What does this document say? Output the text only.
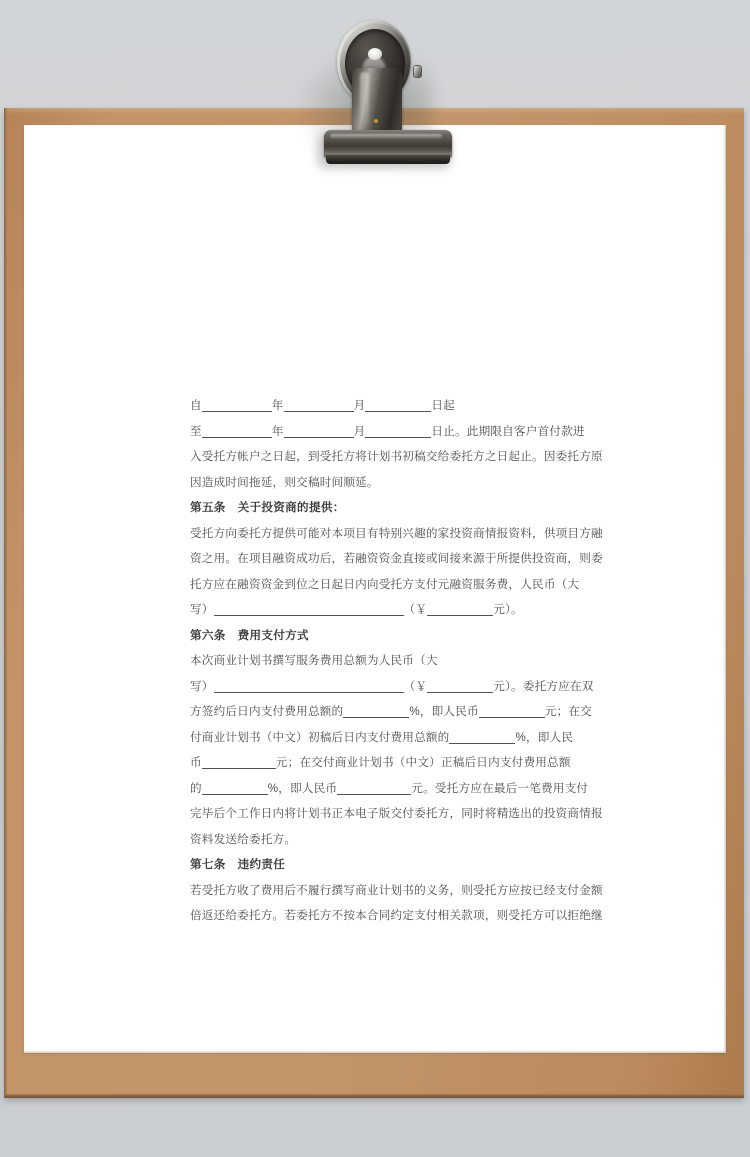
自	年	月	日起

至	年	月	日止。此期限自客户首付款进

入受托方帐户之日起，到受托方将计划书初稿交给委托方之日起止。因委托方原

因造成时间拖延，则交稿时间顺延。

第五条　关于投资商的提供：

受托方向委托方提供可能对本项目有特别兴趣的家投资商情报资料，供项目方融

资之用。在项目融资成功后，若融资资金直接或间接来源于所提供投资商，则委

托方应在融资资金到位之日起日内向受托方支付元融资服务费，人民币（大

写）	（￥	元）。

第六条　费用支付方式

本次商业计划书撰写服务费用总额为人民币（大

写）	（￥	元）。委托方应在双

方签约后日内支付费用总额的	%，即人民币	元；在交

付商业计划书（中文）初稿后日内支付费用总额的	%，即人民

币	元；在交付商业计划书（中文）正稿后日内支付费用总额

的	%，即人民币	元。受托方应在最后一笔费用支付

完毕后个工作日内将计划书正本电子版交付委托方，同时将精选出的投资商情报

资料发送给委托方。

第七条　违约责任

若受托方收了费用后不履行撰写商业计划书的义务，则受托方应按已经支付金额

倍返还给委托方。若委托方不按本合同约定支付相关款项，则受托方可以拒绝继
